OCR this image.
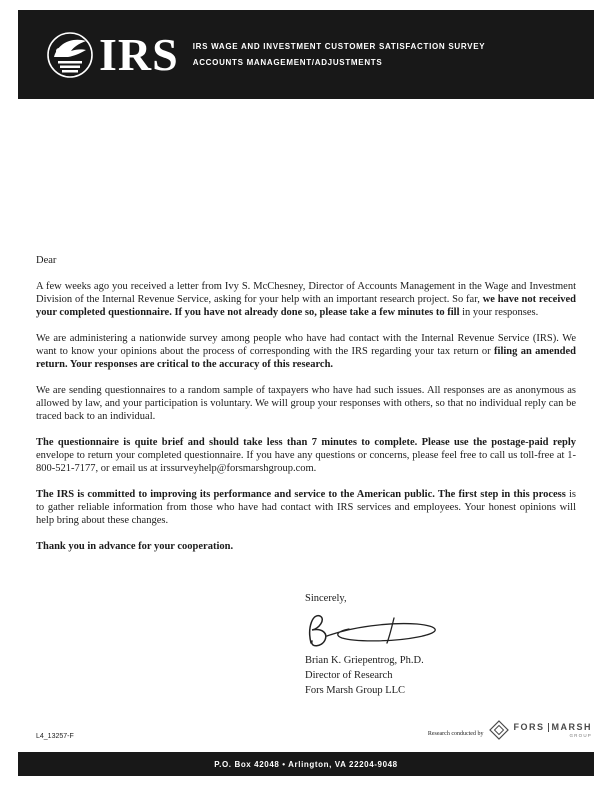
IRS IRS WAGE AND INVESTMENT CUSTOMER SATISFACTION SURVEY
ACCOUNTS MANAGEMENT/ADJUSTMENTS

Dear

A few weeks ago you received a letter from Ivy S. McChesney, Director of Accounts Management in the Wage and Investment Division of the Internal Revenue Service, asking for your help with an important research project. So far, we have not received your completed questionnaire. If you have not already done so, please take a few minutes to fill in your responses.

We are administering a nationwide survey among people who have had contact with the Internal Revenue Service (IRS). We want to know your opinions about the process of corresponding with the IRS regarding your tax return or filing an amended return. Your responses are critical to the accuracy of this research.

We are sending questionnaires to a random sample of taxpayers who have had such issues. All responses are as anonymous as allowed by law, and your participation is voluntary. We will group your responses with others, so that no individual reply can be traced back to an individual.

The questionnaire is quite brief and should take less than 7 minutes to complete. Please use the postage-paid reply envelope to return your completed questionnaire. If you have any questions or concerns, please feel free to call us toll-free at 1-800-521-7177, or email us at irssurveyhelp@forsmarshgroup.com.

The IRS is committed to improving its performance and service to the American public. The first step in this process is to gather reliable information from those who have had contact with IRS services and employees. Your honest opinions will help bring about these changes.

Thank you in advance for your cooperation.

Sincerely,

Brian K. Griepentrog, Ph.D.

Director of Research

Fors Marsh Group LLC

L4_13257-F	Research conducted by
FORS MARSH
GROUP
P.O. Box 42048 • Arlington, VA 22204-9048
